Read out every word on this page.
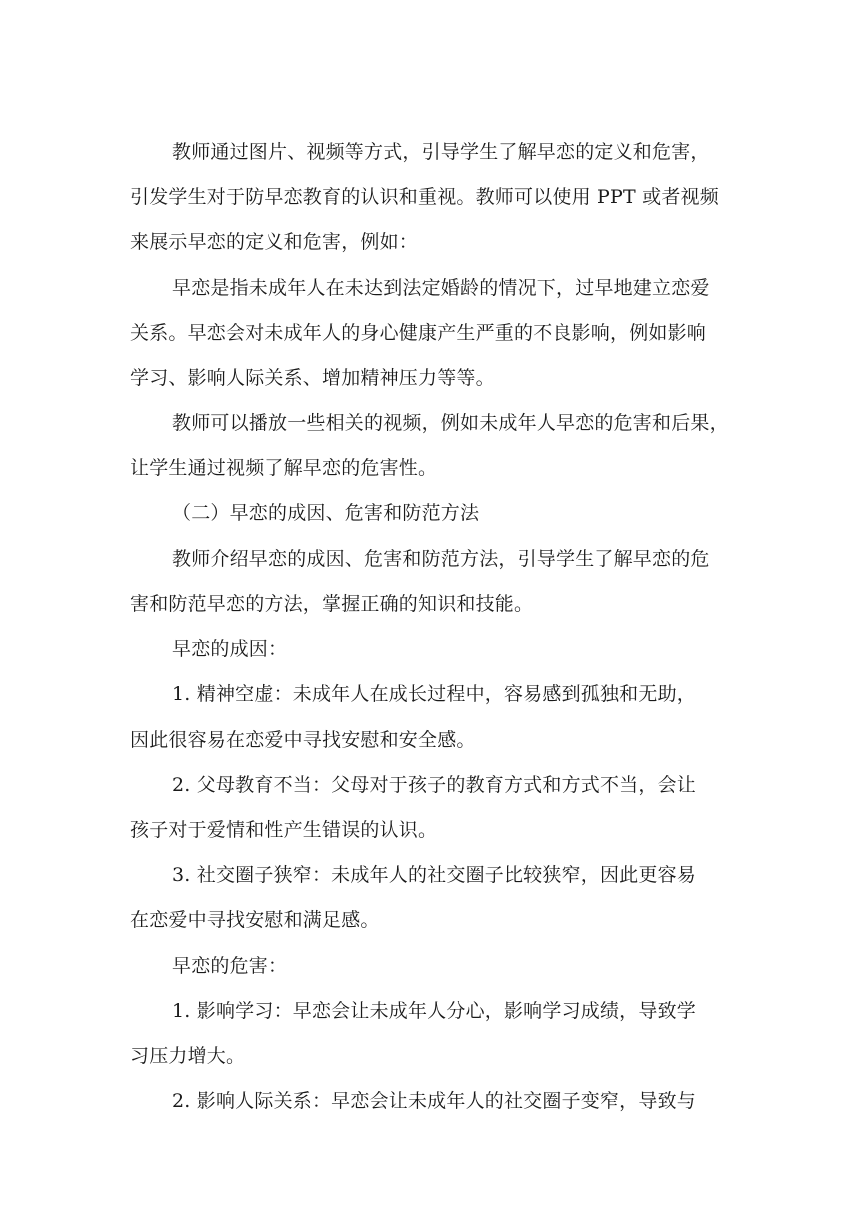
教师通过图片、视频等方式，引导学生了解早恋的定义和危害，
引发学生对于防早恋教育的认识和重视。教师可以使用 PPT 或者视频
来展示早恋的定义和危害，例如：
早恋是指未成年人在未达到法定婚龄的情况下，过早地建立恋爱
关系。早恋会对未成年人的身心健康产生严重的不良影响，例如影响
学习、影响人际关系、增加精神压力等等。
教师可以播放一些相关的视频，例如未成年人早恋的危害和后果，
让学生通过视频了解早恋的危害性。
（二）早恋的成因、危害和防范方法
教师介绍早恋的成因、危害和防范方法，引导学生了解早恋的危
害和防范早恋的方法，掌握正确的知识和技能。
早恋的成因：
1. 精神空虚：未成年人在成长过程中，容易感到孤独和无助，
因此很容易在恋爱中寻找安慰和安全感。
2. 父母教育不当：父母对于孩子的教育方式和方式不当，会让
孩子对于爱情和性产生错误的认识。
3. 社交圈子狭窄：未成年人的社交圈子比较狭窄，因此更容易
在恋爱中寻找安慰和满足感。
早恋的危害：
1. 影响学习：早恋会让未成年人分心，影响学习成绩，导致学
习压力增大。
2. 影响人际关系：早恋会让未成年人的社交圈子变窄，导致与
